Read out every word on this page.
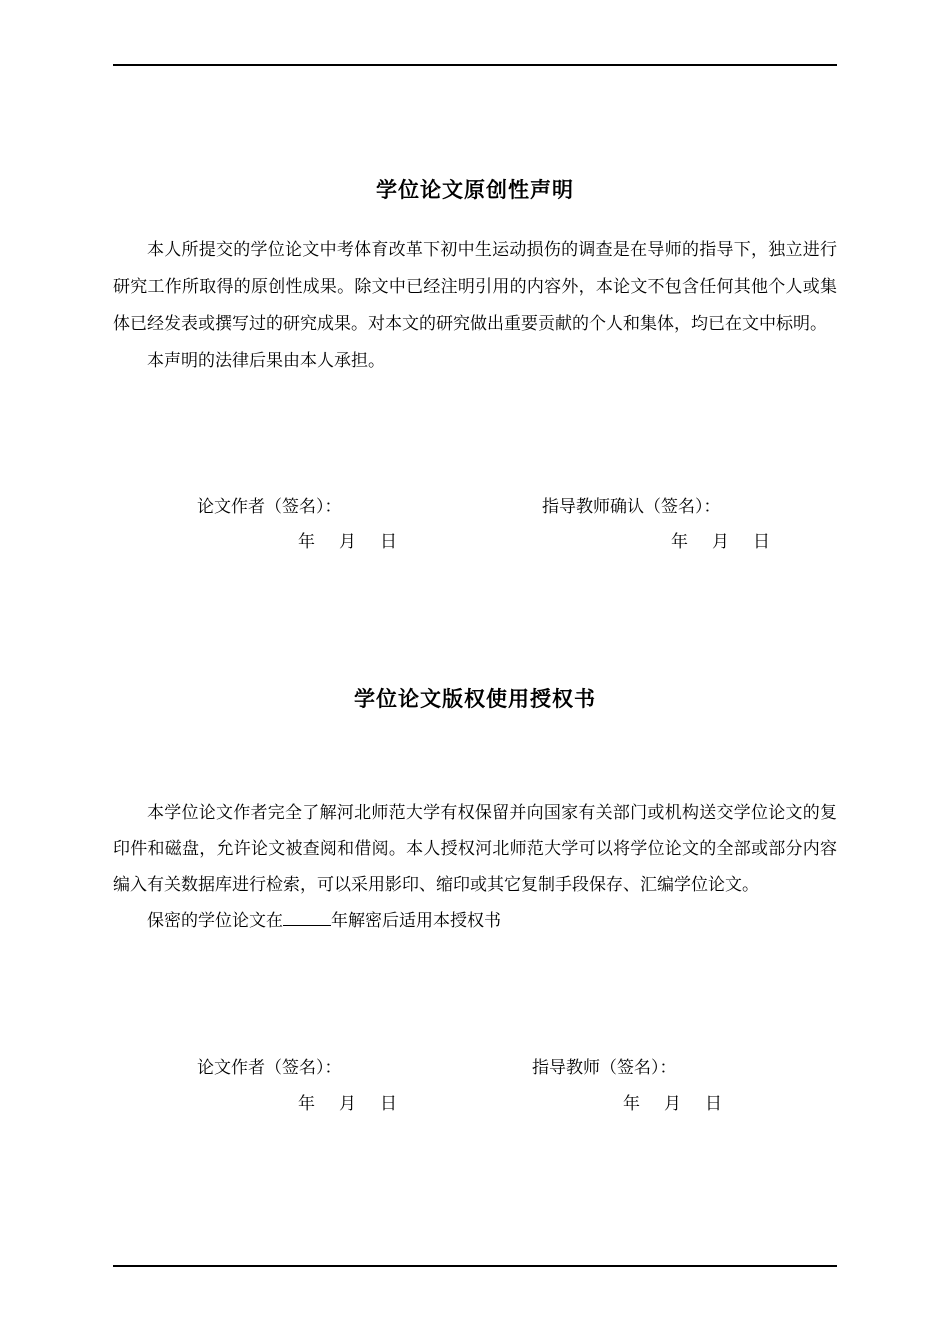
学位论文原创性声明

本人所提交的学位论文中考体育改革下初中生运动损伤的调查是在导师的指导下，独立进行研究工作所取得的原创性成果。除文中已经注明引用的内容外，本论文不包含任何其他个人或集体已经发表或撰写过的研究成果。对本文的研究做出重要贡献的个人和集体，均已在文中标明。

本声明的法律后果由本人承担。

论文作者（签名）：	指导教师确认（签名）：
年 月 日	年 月 日
学位论文版权使用授权书

本学位论文作者完全了解河北师范大学有权保留并向国家有关部门或机构送交学位论文的复印件和磁盘，允许论文被查阅和借阅。本人授权河北师范大学可以将学位论文的全部或部分内容编入有关数据库进行检索，可以采用影印、缩印或其它复制手段保存、汇编学位论文。

保密的学位论文在	年解密后适用本授权书

论文作者（签名）：	指导教师（签名）：
年 月 日	年 月 日
